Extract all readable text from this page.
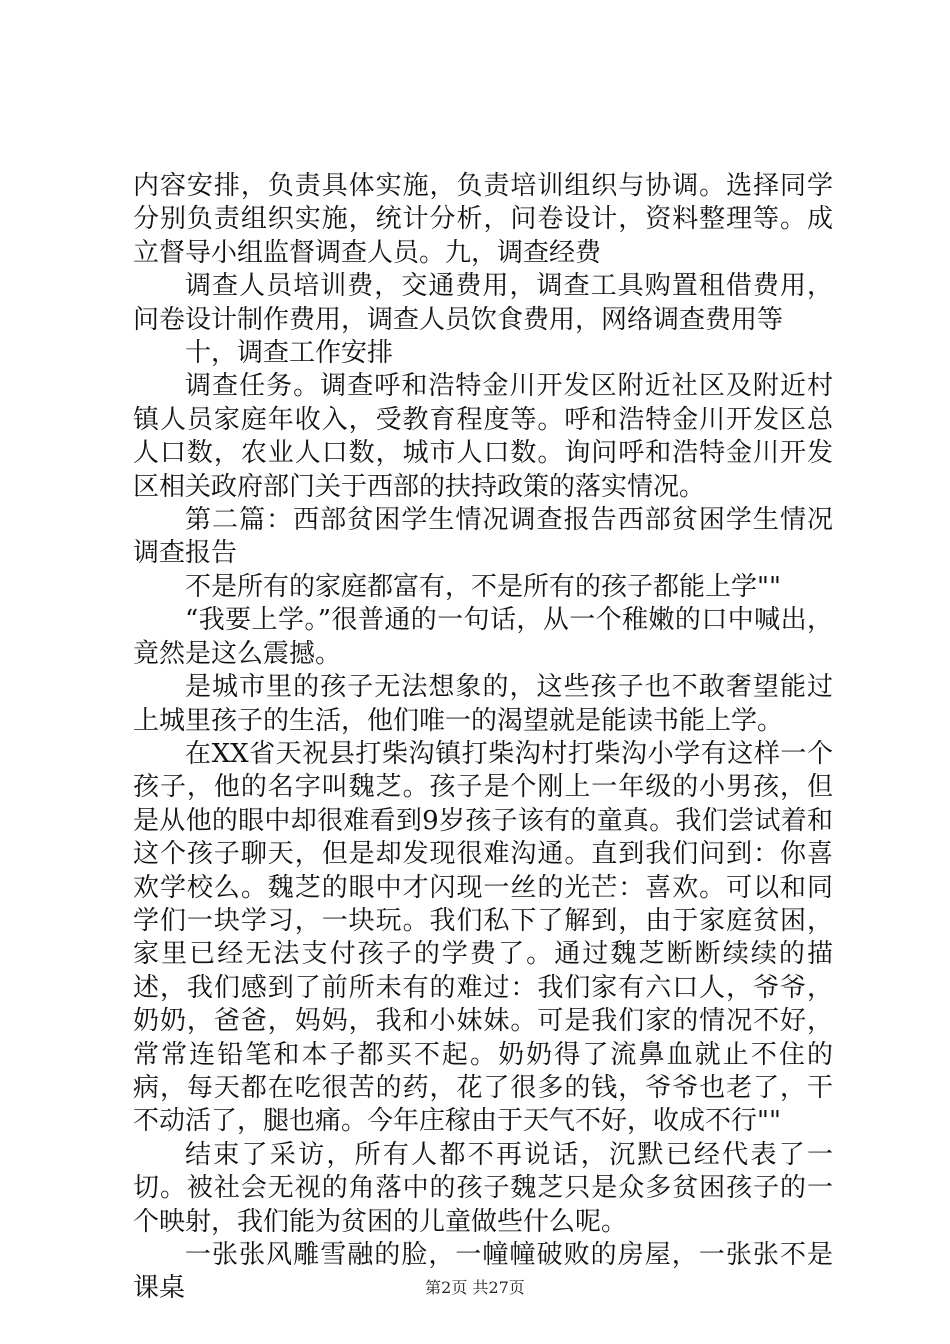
内容安排，负责具体实施，负责培训组织与协调。选择同学分别负责组织实施，统计分析，问卷设计，资料整理等。成立督导小组监督调查人员。九，调查经费

调查人员培训费，交通费用，调查工具购置租借费用，问卷设计制作费用，调查人员饮食费用，网络调查费用等

十，调查工作安排

调查任务。调查呼和浩特金川开发区附近社区及附近村镇人员家庭年收入，受教育程度等。呼和浩特金川开发区总人口数，农业人口数，城市人口数。询问呼和浩特金川开发区相关政府部门关于西部的扶持政策的落实情况。

第二篇：西部贫困学生情况调查报告西部贫困学生情况调查报告

不是所有的家庭都富有，不是所有的孩子都能上学""

“我要上学。”很普通的一句话，从一个稚嫩的口中喊出，竟然是这么震撼。

是城市里的孩子无法想象的，这些孩子也不敢奢望能过上城里孩子的生活，他们唯一的渴望就是能读书能上学。

在XX省天祝县打柴沟镇打柴沟村打柴沟小学有这样一个孩子，他的名字叫魏芝。孩子是个刚上一年级的小男孩，但是从他的眼中却很难看到9岁孩子该有的童真。我们尝试着和这个孩子聊天，但是却发现很难沟通。直到我们问到：你喜欢学校么。魏芝的眼中才闪现一丝的光芒：喜欢。可以和同学们一块学习，一块玩。我们私下了解到，由于家庭贫困，家里已经无法支付孩子的学费了。通过魏芝断断续续的描述，我们感到了前所未有的难过：我们家有六口人，爷爷，奶奶，爸爸，妈妈，我和小妹妹。可是我们家的情况不好，常常连铅笔和本子都买不起。奶奶得了流鼻血就止不住的病，每天都在吃很苦的药，花了很多的钱，爷爷也老了，干不动活了，腿也痛。今年庄稼由于天气不好，收成不行""

结束了采访，所有人都不再说话，沉默已经代表了一切。被社会无视的角落中的孩子魏芝只是众多贫困孩子的一个映射，我们能为贫困的儿童做些什么呢。

一张张风雕雪融的脸，一幢幢破败的房屋，一张张不是课桌	第2页 共27页
